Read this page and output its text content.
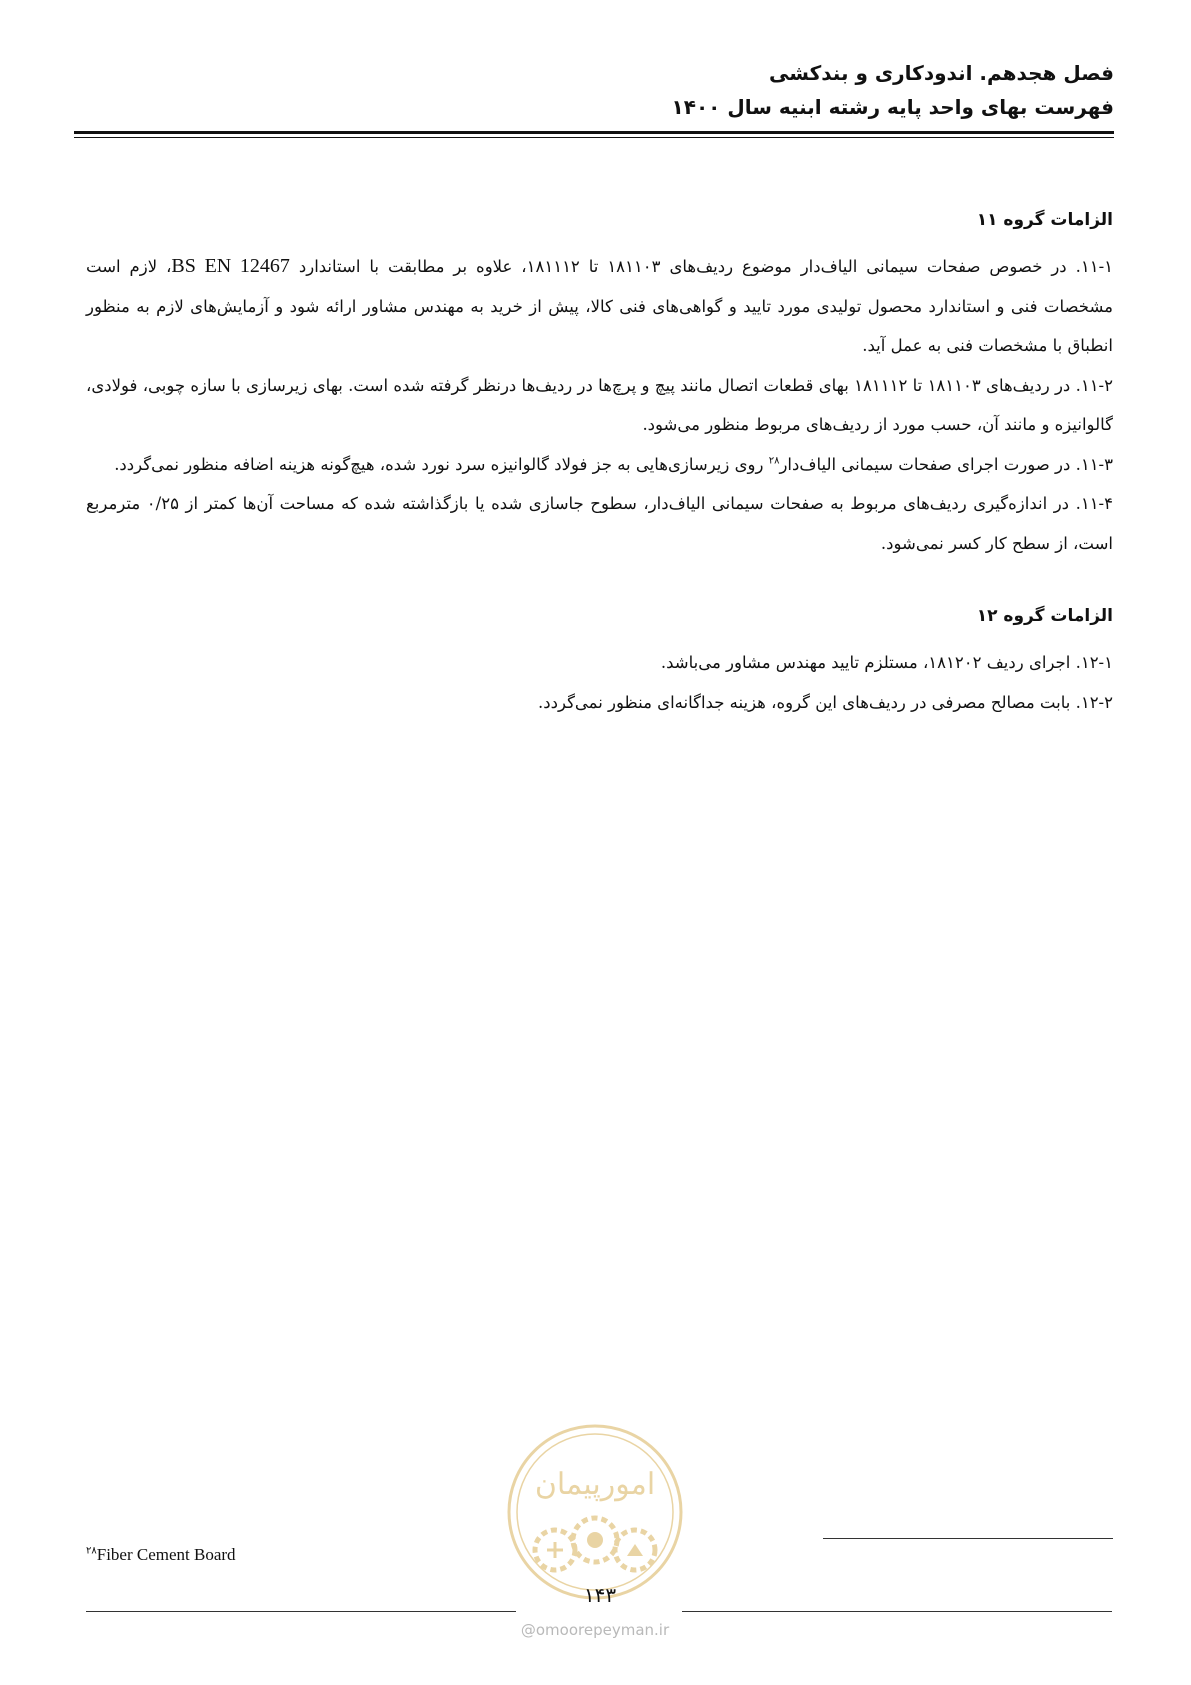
فصل هجدهم. اندودکاری و بندکشی
فهرست بهای واحد پایه رشته ابنیه سال ۱۴۰۰
الزامات گروه ۱۱

۱۱-۱. در خصوص صفحات سیمانی الیاف‌دار موضوع ردیف‌های ۱۸۱۱۰۳ تا ۱۸۱۱۱۲، علاوه بر مطابقت با استاندارد BS EN 12467، لازم است مشخصات فنی و استاندارد محصول تولیدی مورد تایید و گواهی‌های فنی کالا، پیش از خرید به مهندس مشاور ارائه شود و آزمایش‌های لازم به منظور انطباق با مشخصات فنی به عمل آید.

۱۱-۲. در ردیف‌های ۱۸۱۱۰۳ تا ۱۸۱۱۱۲ بهای قطعات اتصال مانند پیچ و پرچ‌ها در ردیف‌ها درنظر گرفته شده است. بهای زیرسازی با سازه چوبی، فولادی، گالوانیزه و مانند آن، حسب مورد از ردیف‌های مربوط منظور می‌شود.

۱۱-۳. در صورت اجرای صفحات سیمانی الیاف‌دار$^{۲۸}$ روی زیرسازی‌هایی به جز فولاد گالوانیزه سرد نورد شده، هیچ‌گونه هزینه اضافه منظور نمی‌گردد.

۱۱-۴. در اندازه‌گیری ردیف‌های مربوط به صفحات سیمانی الیاف‌دار، سطوح جاسازی شده یا بازگذاشته شده که مساحت آن‌ها کمتر از ۰/۲۵ مترمربع است، از سطح کار کسر نمی‌شود.

الزامات گروه ۱۲

۱۲-۱. اجرای ردیف ۱۸۱۲۰۲، مستلزم تایید مهندس مشاور می‌باشد.

۱۲-۲. بابت مصالح مصرفی در ردیف‌های این گروه، هزینه جداگانه‌ای منظور نمی‌گردد.

$^{۲۸}$Fiber Cement Board
امورپیمان
۱۴۳
@omoorepeyman.ir
